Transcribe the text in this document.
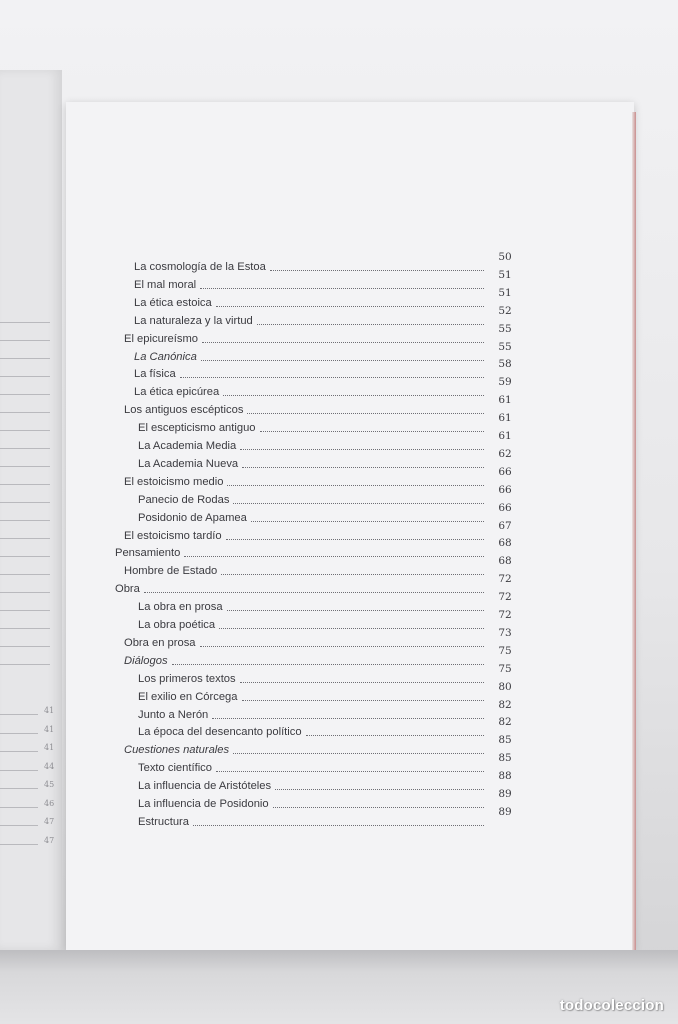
41
41
41
44
45
46
47
47
La cosmología de la Estoa
50
El mal moral
51
La ética estoica
51
La naturaleza y la virtud
52
El epicureísmo
55
La Canónica
55
La física
58
La ética epicúrea
59
Los antiguos escépticos
61
El escepticismo antiguo
61
La Academia Media
61
La Academia Nueva
62
El estoicismo medio
66
Panecio de Rodas
66
Posidonio de Apamea
66
El estoicismo tardío
67
Pensamiento
68
Hombre de Estado
68
Obra
72
La obra en prosa
72
La obra poética
72
Obra en prosa
73
Diálogos
75
Los primeros textos
75
El exilio en Córcega
80
Junto a Nerón
82
La época del desencanto político
82
Cuestiones naturales
85
Texto científico
85
La influencia de Aristóteles
88
La influencia de Posidonio
89
Estructura
89
todocoleccion
